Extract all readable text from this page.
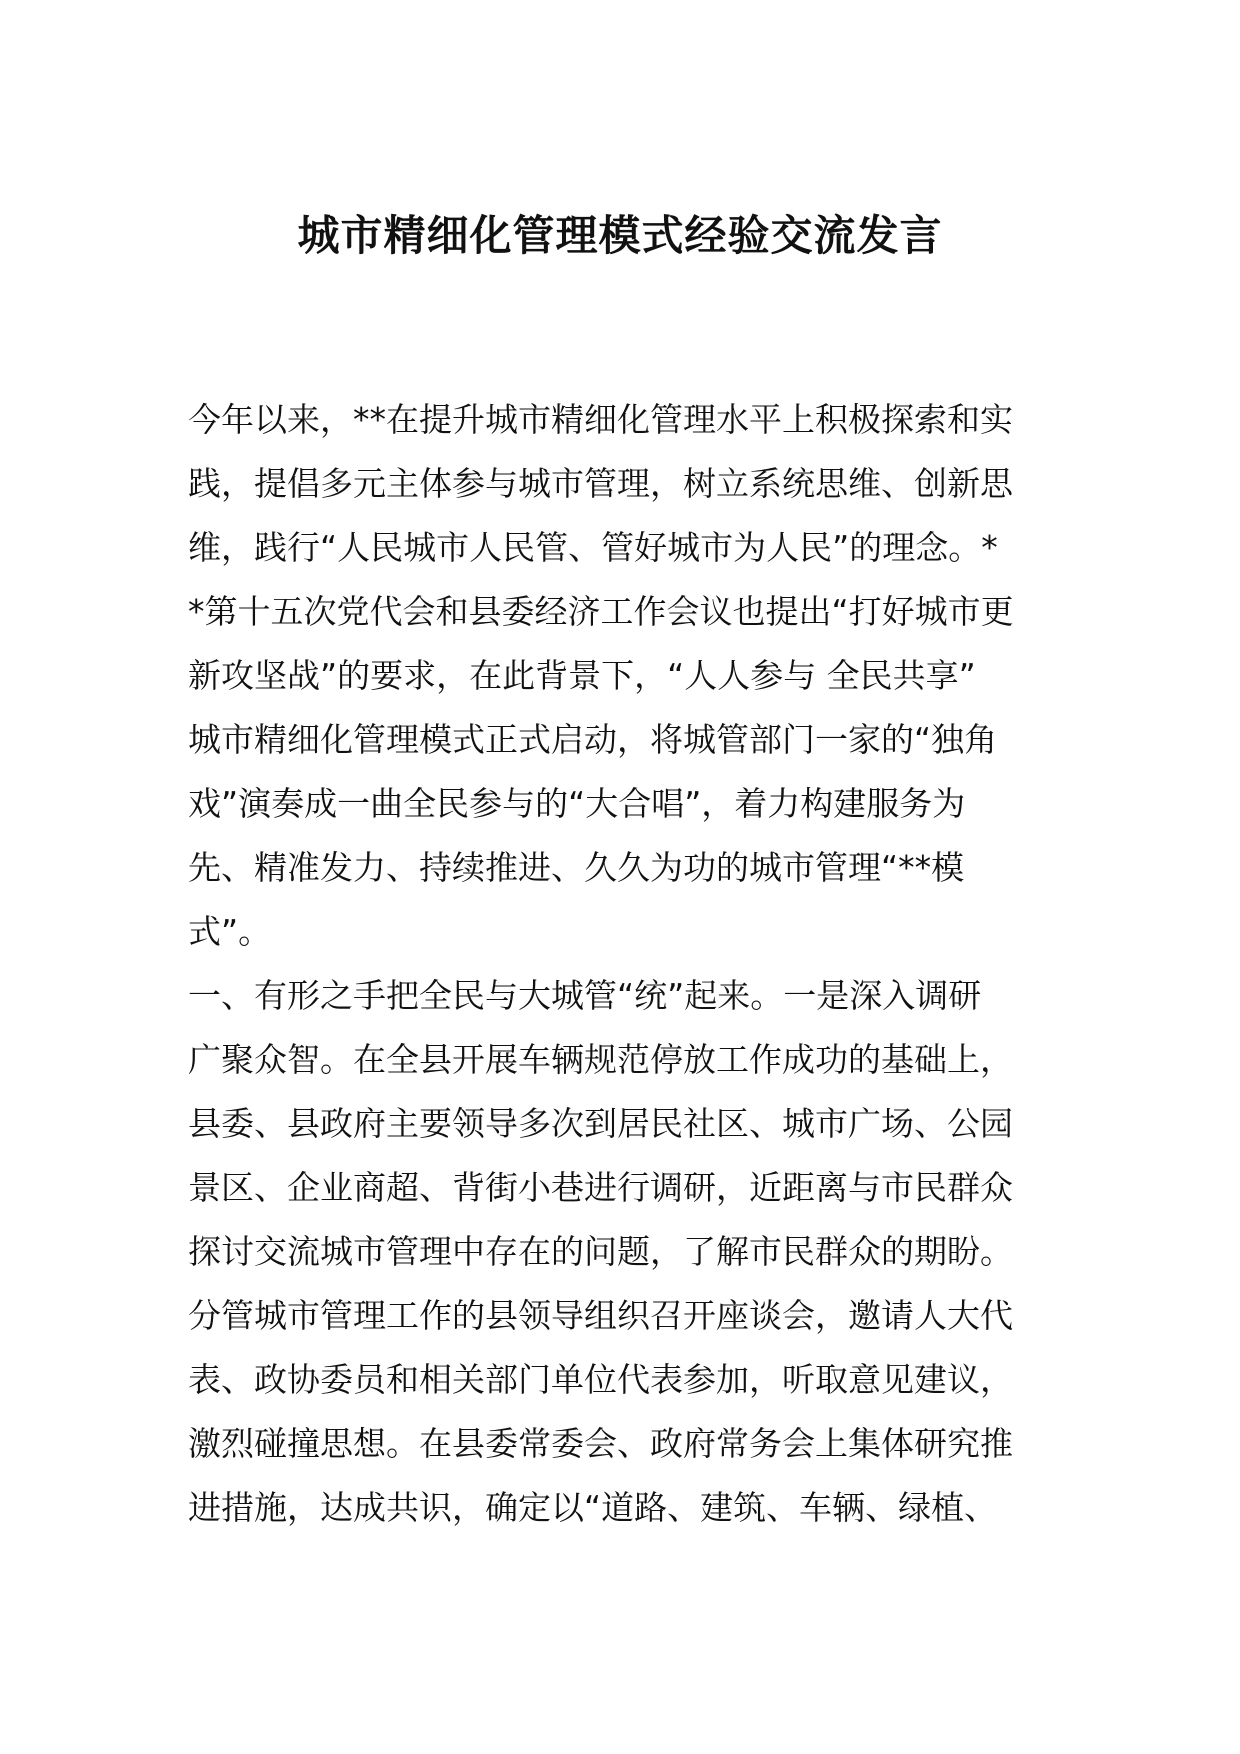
城市精细化管理模式经验交流发言
今年以来，**在提升城市精细化管理水平上积极探索和实
践，提倡多元主体参与城市管理，树立系统思维、创新思
维，践行“人民城市人民管、管好城市为人民”的理念。*
*第十五次党代会和县委经济工作会议也提出“打好城市更
新攻坚战”的要求，在此背景下，“人人参与 全民共享”
城市精细化管理模式正式启动，将城管部门一家的“独角
戏”演奏成一曲全民参与的“大合唱”，着力构建服务为
先、精准发力、持续推进、久久为功的城市管理“**模
式”。
一、有形之手把全民与大城管“统”起来。一是深入调研
广聚众智。在全县开展车辆规范停放工作成功的基础上，
县委、县政府主要领导多次到居民社区、城市广场、公园
景区、企业商超、背街小巷进行调研，近距离与市民群众
探讨交流城市管理中存在的问题，了解市民群众的期盼。
分管城市管理工作的县领导组织召开座谈会，邀请人大代
表、政协委员和相关部门单位代表参加，听取意见建议，
激烈碰撞思想。在县委常委会、政府常务会上集体研究推
进措施，达成共识，确定以“道路、建筑、车辆、绿植、
